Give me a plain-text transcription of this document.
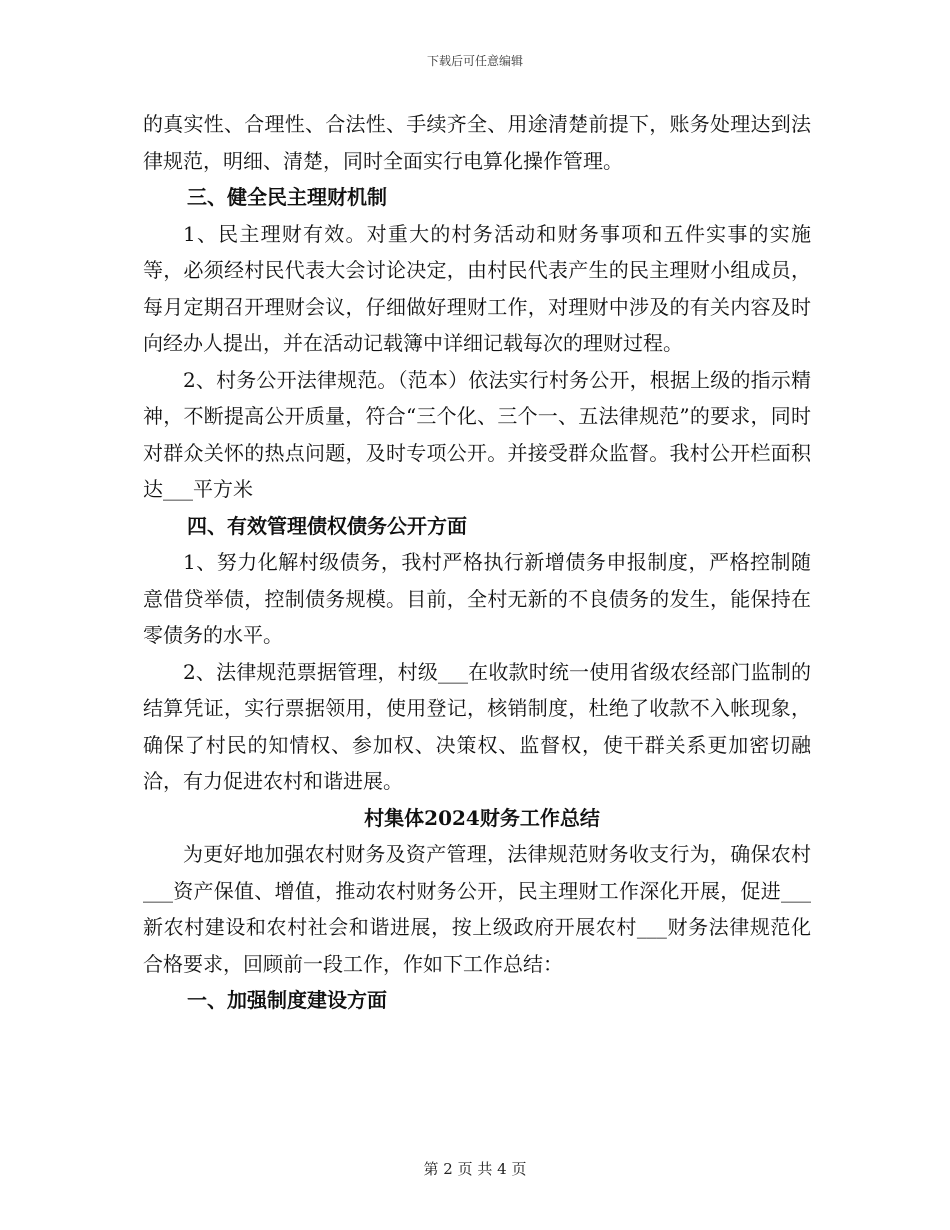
下载后可任意编辑

的真实性、合理性、合法性、手续齐全、用途清楚前提下，账务处理达到法律规范，明细、清楚，同时全面实行电算化操作管理。

三、健全民主理财机制

1、民主理财有效。对重大的村务活动和财务事项和五件实事的实施等，必须经村民代表大会讨论决定，由村民代表产生的民主理财小组成员，每月定期召开理财会议，仔细做好理财工作，对理财中涉及的有关内容及时向经办人提出，并在活动记载簿中详细记载每次的理财过程。

2、村务公开法律规范。（范本）依法实行村务公开，根据上级的指示精神，不断提高公开质量，符合“三个化、三个一、五法律规范”的要求，同时对群众关怀的热点问题，及时专项公开。并接受群众监督。我村公开栏面积达___平方米

四、有效管理债权债务公开方面

1、努力化解村级债务，我村严格执行新增债务申报制度，严格控制随意借贷举债，控制债务规模。目前，全村无新的不良债务的发生，能保持在零债务的水平。

2、法律规范票据管理，村级___在收款时统一使用省级农经部门监制的结算凭证，实行票据领用，使用登记，核销制度，杜绝了收款不入帐现象，确保了村民的知情权、参加权、决策权、监督权，使干群关系更加密切融洽，有力促进农村和谐进展。

村集体2024财务工作总结

为更好地加强农村财务及资产管理，法律规范财务收支行为，确保农村___资产保值、增值，推动农村财务公开，民主理财工作深化开展，促进___新农村建设和农村社会和谐进展，按上级政府开展农村___财务法律规范化合格要求，回顾前一段工作，作如下工作总结：

一、加强制度建设方面

第 2 页 共 4 页
